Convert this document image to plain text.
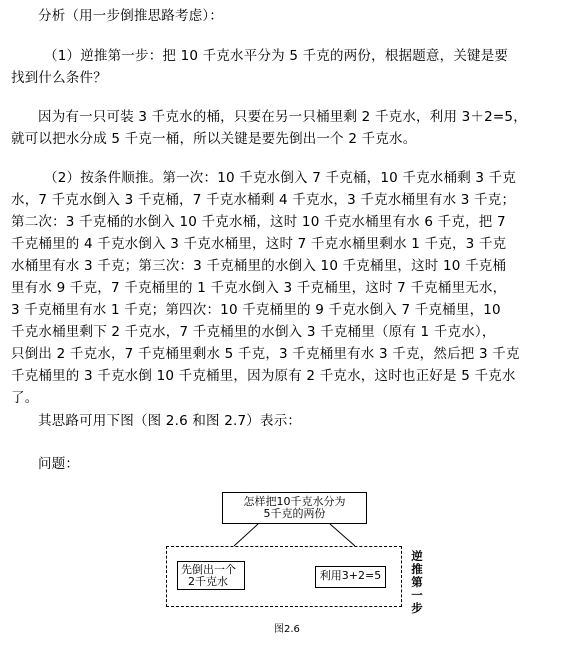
分析（用一步倒推思路考虑）：
（1）逆推第一步：把 10 千克水平分为 5 千克的两份，根据题意，关键是要
找到什么条件？
因为有一只可装 3 千克水的桶，只要在另一只桶里剩 2 千克水，利用 3＋2=5，
就可以把水分成 5 千克一桶，所以关键是要先倒出一个 2 千克水。
（2）按条件顺推。第一次：10 千克水倒入 7 千克桶，10 千克水桶剩 3 千克
水，7 千克水倒入 3 千克桶，7 千克水桶剩 4 千克水，3 千克水桶里有水 3 千克；
第二次：3 千克桶的水倒入 10 千克水桶，这时 10 千克水桶里有水 6 千克，把 7
千克桶里的 4 千克水倒入 3 千克水桶里，这时 7 千克水桶里剩水 1 千克，3 千克
水桶里有水 3 千克；第三次：3 千克桶里的水倒入 10 千克桶里，这时 10 千克桶
里有水 9 千克，7 千克桶里的 1 千克水倒入 3 千克桶里，这时 7 千克桶里无水，
3 千克桶里有水 1 千克；第四次：10 千克桶里的 9 千克水倒入 7 千克桶里，10
千克水桶里剩下 2 千克水，7 千克桶里的水倒入 3 千克桶里（原有 1 千克水），
只倒出 2 千克水，7 千克桶里剩水 5 千克，3 千克桶里有水 3 千克，然后把 3 千克
千克桶里的 3 千克水倒 10 千克桶里，因为原有 2 千克水，这时也正好是 5 千克水
了。
其思路可用下图（图 2.6 和图 2.7）表示：
问题：
怎样把10千克水分为
5千克的两份
先倒出一个
2千克水	利用3+2=5
逆
推
第
一
步
图2.6
